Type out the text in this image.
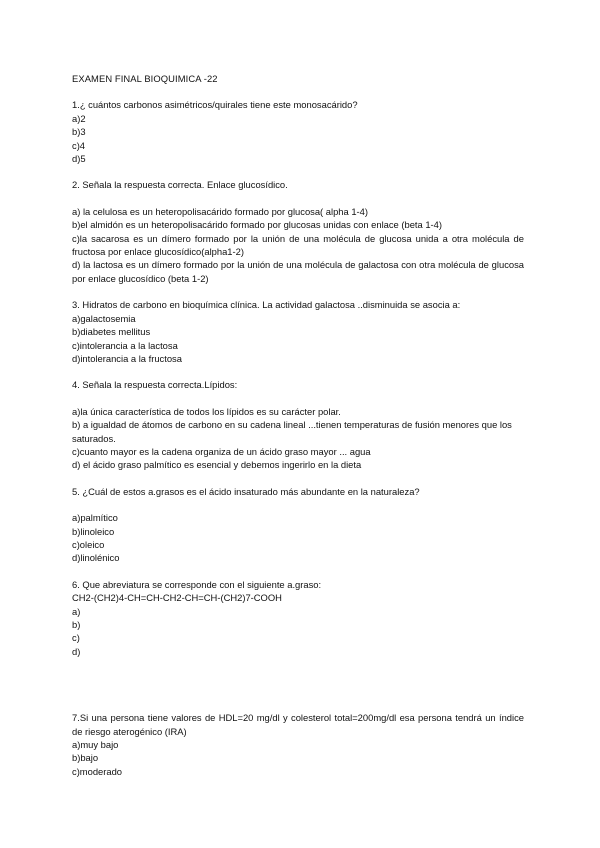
EXAMEN FINAL BIOQUIMICA -22

1.¿ cuántos carbonos asimétricos/quirales tiene este monosacárido?

a)2

b)3

c)4

d)5

2. Señala la respuesta correcta. Enlace glucosídico.

a) la celulosa es un heteropolisacárido formado por glucosa( alpha 1-4)

b)el almidón es un heteropolisacárido formado por glucosas unidas con enlace (beta 1-4)

c)la sacarosa es un dímero formado por la unión de una molécula de glucosa unida a otra molécula de fructosa por enlace glucosídico(alpha1-2)

d) la lactosa es un dímero formado por la unión de una molécula de galactosa con otra molécula de glucosa por enlace glucosídico (beta 1-2)

3. Hidratos de carbono en bioquímica clínica. La actividad galactosa ..disminuida se asocia a:

a)galactosemia

b)diabetes mellitus

c)intolerancia a la lactosa

d)intolerancia a la fructosa

4. Señala la respuesta correcta.Lípidos:

a)la única característica de todos los lípidos es su carácter polar.

b) a igualdad de átomos de carbono en su cadena lineal ...tienen temperaturas de fusión menores que los saturados.

c)cuanto mayor es la cadena organiza de un ácido graso mayor ... agua

d) el ácido graso palmítico es esencial y debemos ingerirlo en la dieta

5. ¿Cuál de estos a.grasos es el ácido insaturado más abundante en la naturaleza?

a)palmítico

b)linoleico

c)oleico

d)linolénico

6. Que abreviatura se corresponde con el siguiente a.graso:

CH2-(CH2)4-CH=CH-CH2-CH=CH-(CH2)7-COOH

a)

b)

c)

d)

7.Si una persona tiene valores de HDL=20 mg/dl y colesterol total=200mg/dl esa persona tendrá un índice de riesgo aterogénico (IRA)

a)muy bajo

b)bajo

c)moderado
